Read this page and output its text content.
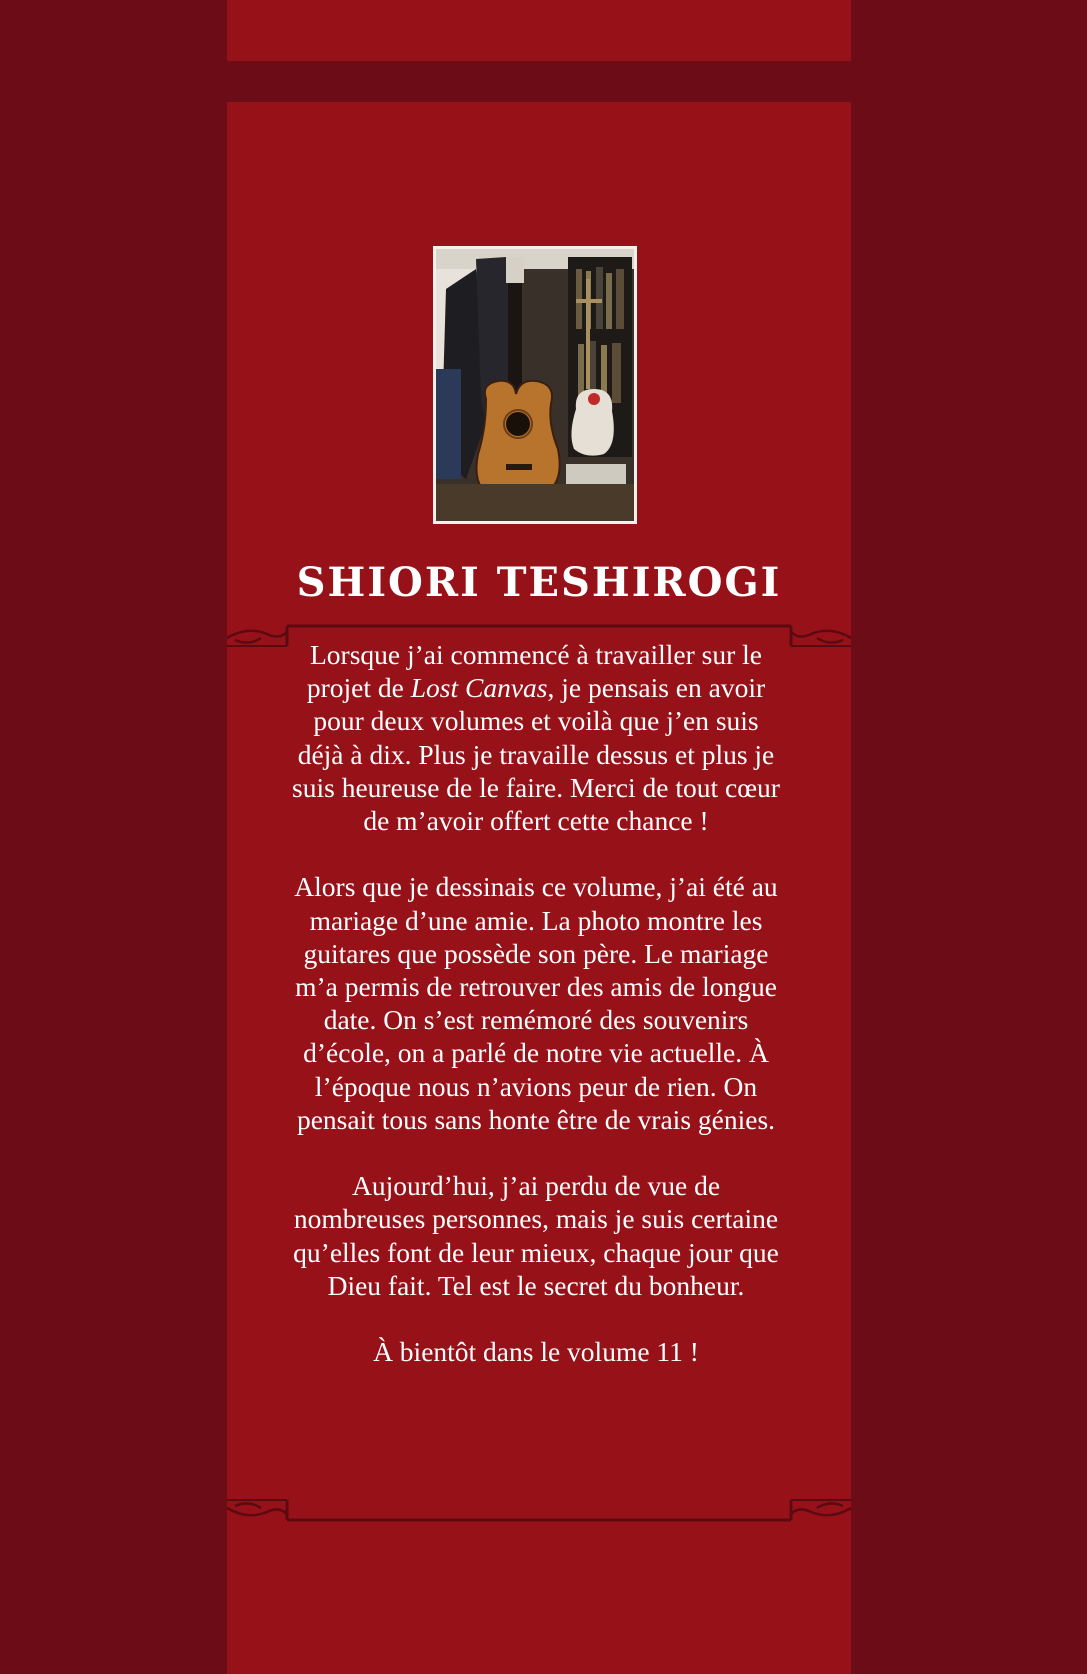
SHIORI TESHIROGI

Lorsque j’ai commencé à travailler sur le projet de Lost Canvas, je pensais en avoir pour deux volumes et voilà que j’en suis déjà à dix. Plus je travaille dessus et plus je suis heureuse de le faire. Merci de tout cœur de m’avoir offert cette chance !

Alors que je dessinais ce volume, j’ai été au mariage d’une amie. La photo montre les guitares que possède son père. Le mariage m’a permis de retrouver des amis de longue date. On s’est remémoré des souvenirs d’école, on a parlé de notre vie actuelle. À l’époque nous n’avions peur de rien. On pensait tous sans honte être de vrais génies.

Aujourd’hui, j’ai perdu de vue de nombreuses personnes, mais je suis certaine qu’elles font de leur mieux, chaque jour que Dieu fait. Tel est le secret du bonheur.

À bientôt dans le volume 11 !
